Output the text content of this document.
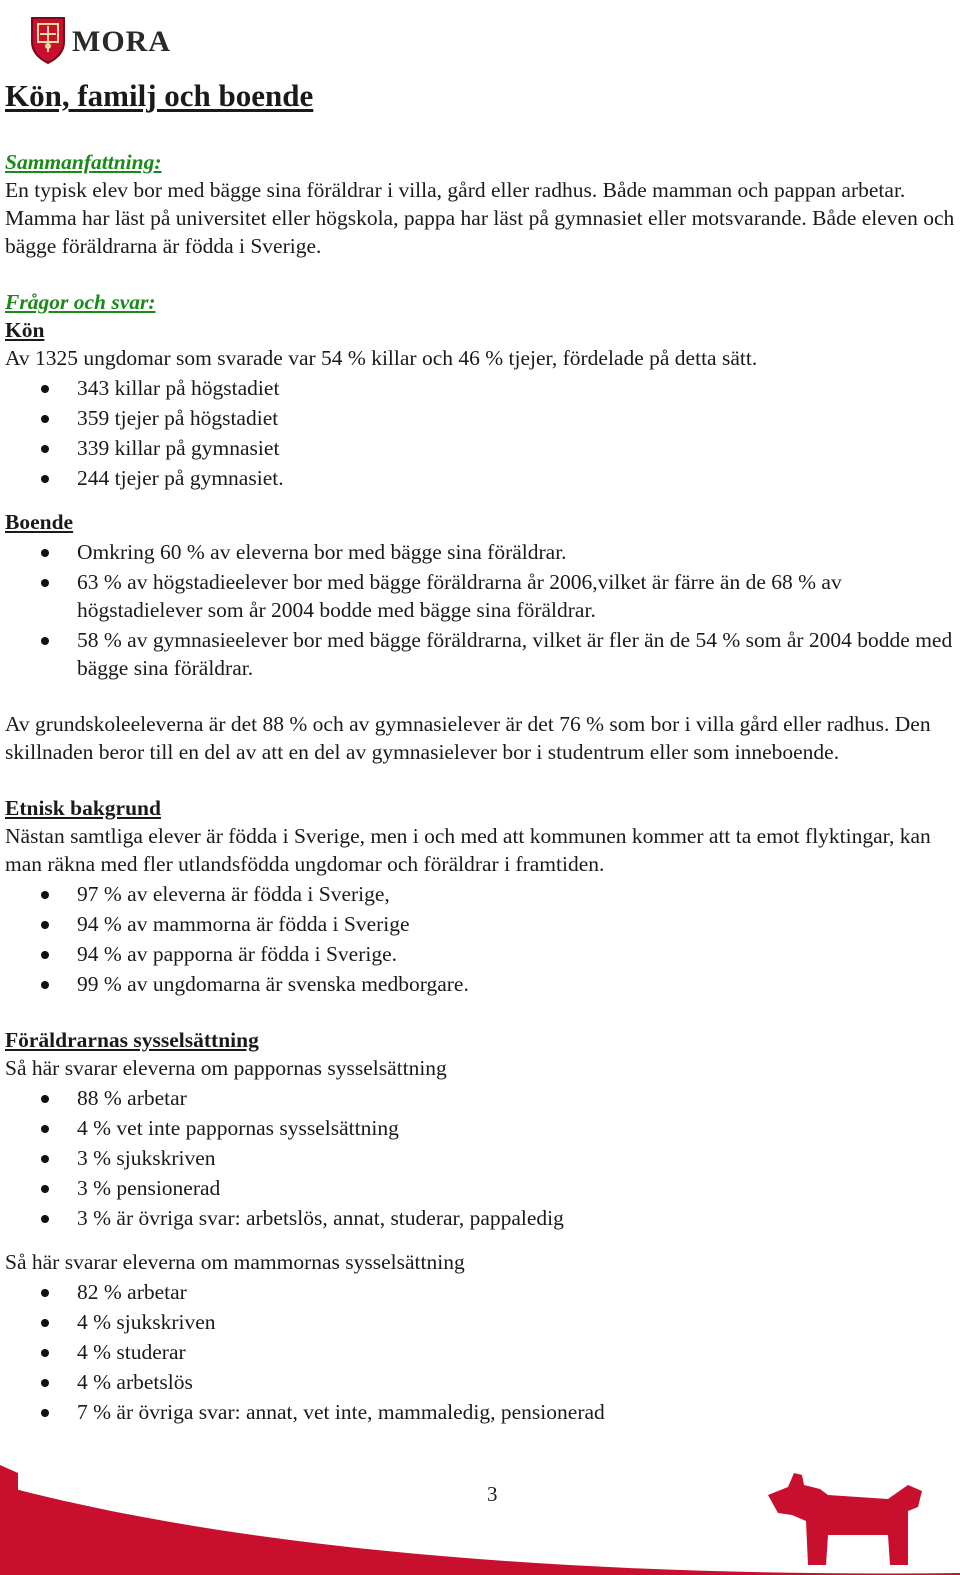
MORA
Kön, familj och boende

Sammanfattning:

En typisk elev bor med bägge sina föräldrar i villa, gård eller radhus. Både mamman och pappan arbetar. Mamma har läst på universitet eller högskola, pappa har läst på gymnasiet eller motsvarande. Både eleven och bägge föräldrarna är födda i Sverige.

Frågor och svar:

Kön

Av 1325 ungdomar som svarade var 54 % killar och 46 % tjejer, fördelade på detta sätt.

343 killar på högstadiet
359 tjejer på högstadiet
339 killar på gymnasiet
244 tjejer på gymnasiet.

Boende

Omkring 60 % av eleverna bor med bägge sina föräldrar.
63 % av högstadieelever bor med bägge föräldrarna år 2006,vilket är färre än de 68 % av högstadielever som år 2004 bodde med bägge sina föräldrar.
58 % av gymnasieelever bor med bägge föräldrarna, vilket är fler än de 54 % som år 2004 bodde med bägge sina föräldrar.

Av grundskoleeleverna är det 88 % och av gymnasielever är det 76 % som bor i villa gård eller radhus. Den skillnaden beror till en del av att en del av gymnasielever bor i studentrum eller som inneboende.

Etnisk bakgrund

Nästan samtliga elever är födda i Sverige, men i och med att kommunen kommer att ta emot flyktingar, kan man räkna med fler utlandsfödda ungdomar och föräldrar i framtiden.

97 % av eleverna är födda i Sverige,
94 % av mammorna är födda i Sverige
94 % av papporna är födda i Sverige.
99 % av ungdomarna är svenska medborgare.

Föräldrarnas sysselsättning

Så här svarar eleverna om pappornas sysselsättning

88 % arbetar
4 % vet inte pappornas sysselsättning
3 % sjukskriven
3 % pensionerad
3 % är övriga svar: arbetslös, annat, studerar, pappaledig

Så här svarar eleverna om mammornas sysselsättning

82 % arbetar
4 % sjukskriven
4 % studerar
4 % arbetslös
7 % är övriga svar: annat, vet inte, mammaledig, pensionerad
3
